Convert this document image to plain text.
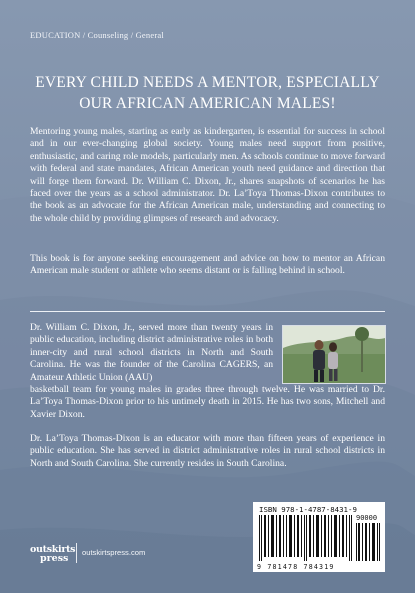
EDUCATION / Counseling / General
EVERY CHILD NEEDS A MENTOR, ESPECIALLY
OUR AFRICAN AMERICAN MALES!
Mentoring young males, starting as early as kindergarten, is essential for success in school and in our ever-changing global society. Young males need support from positive, enthusiastic, and caring role models, particularly men. As schools continue to move forward with federal and state mandates, African American youth need guidance and direction that will forge them forward. Dr. William C. Dixon, Jr., shares snapshots of scenarios he has faced over the years as a school administrator. Dr. La’Toya Thomas-Dixon contributes to the book as an advocate for the African American male, understanding and connecting to the whole child by providing glimpses of research and advocacy.
This book is for anyone seeking encouragement and advice on how to mentor an African American male student or athlete who seems distant or is falling behind in school.
Dr. William C. Dixon, Jr., served more than twenty years in public education, including district administrative roles in both inner-city and rural school districts in North and South Carolina. He was the founder of the Carolina CAGERS, an Amateur Athletic Union (AAU)
basketball team for young males in grades three through twelve. He was married to Dr. La’Toya Thomas-Dixon prior to his untimely death in 2015. He has two sons, Mitchell and Xavier Dixon.
Dr. La’Toya Thomas-Dixon is an educator with more than fifteen years of experience in public education. She has served in district administrative roles in rural school districts in North and South Carolina. She currently resides in South Carolina.
ISBN 978-1-4787-8431-9
90000
9 781478 784319
outskirts
press
outskirtspress.com
